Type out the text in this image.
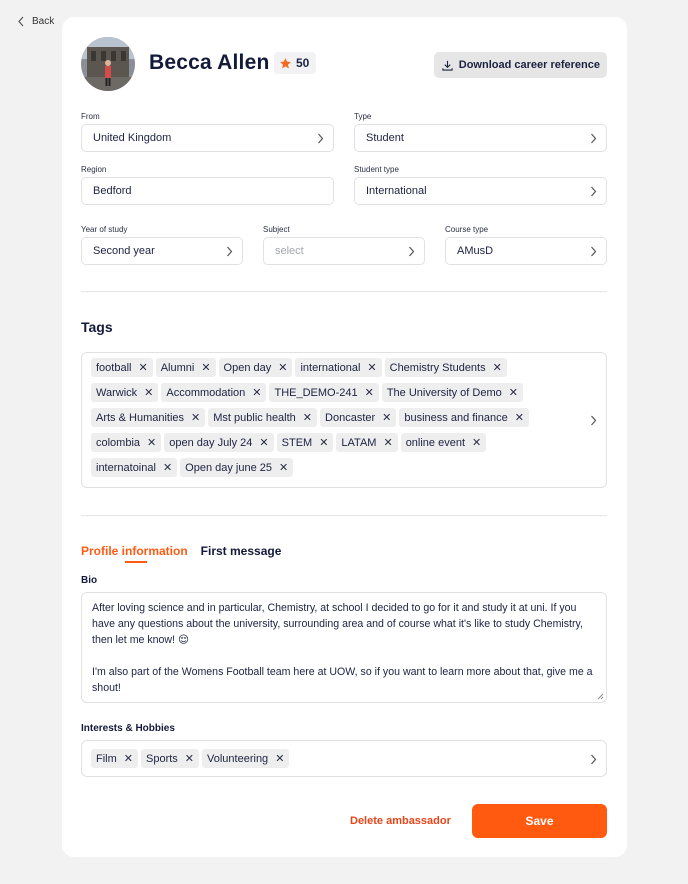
Back
Becca Allen 50	Download career reference
From
United Kingdom
Type
Student
Region
Bedford
Student type
International
Year of study
Second year
Subject
select
Course type
AMusD
Tags
football ✕ Alumni ✕ Open day ✕ international ✕ Chemistry Students ✕
Warwick ✕ Accommodation ✕ THE_DEMO-241 ✕ The University of Demo ✕
Arts & Humanities ✕ Mst public health ✕ Doncaster ✕ business and finance ✕
colombia ✕ open day July 24 ✕ STEM ✕ LATAM ✕ online event ✕
internatoinal ✕ Open day june 25 ✕
Profile information First message
Bio

After loving science and in particular, Chemistry, at school I decided to go for it and study it at uni. If you have any questions about the university, surrounding area and of course what it's like to study Chemistry, then let me know! 😌

I'm also part of the Womens Football team here at UOW, so if you want to learn more about that, give me a shout!

Interests & Hobbies
Film ✕ Sports ✕ Volunteering ✕
Delete ambassador	Save
